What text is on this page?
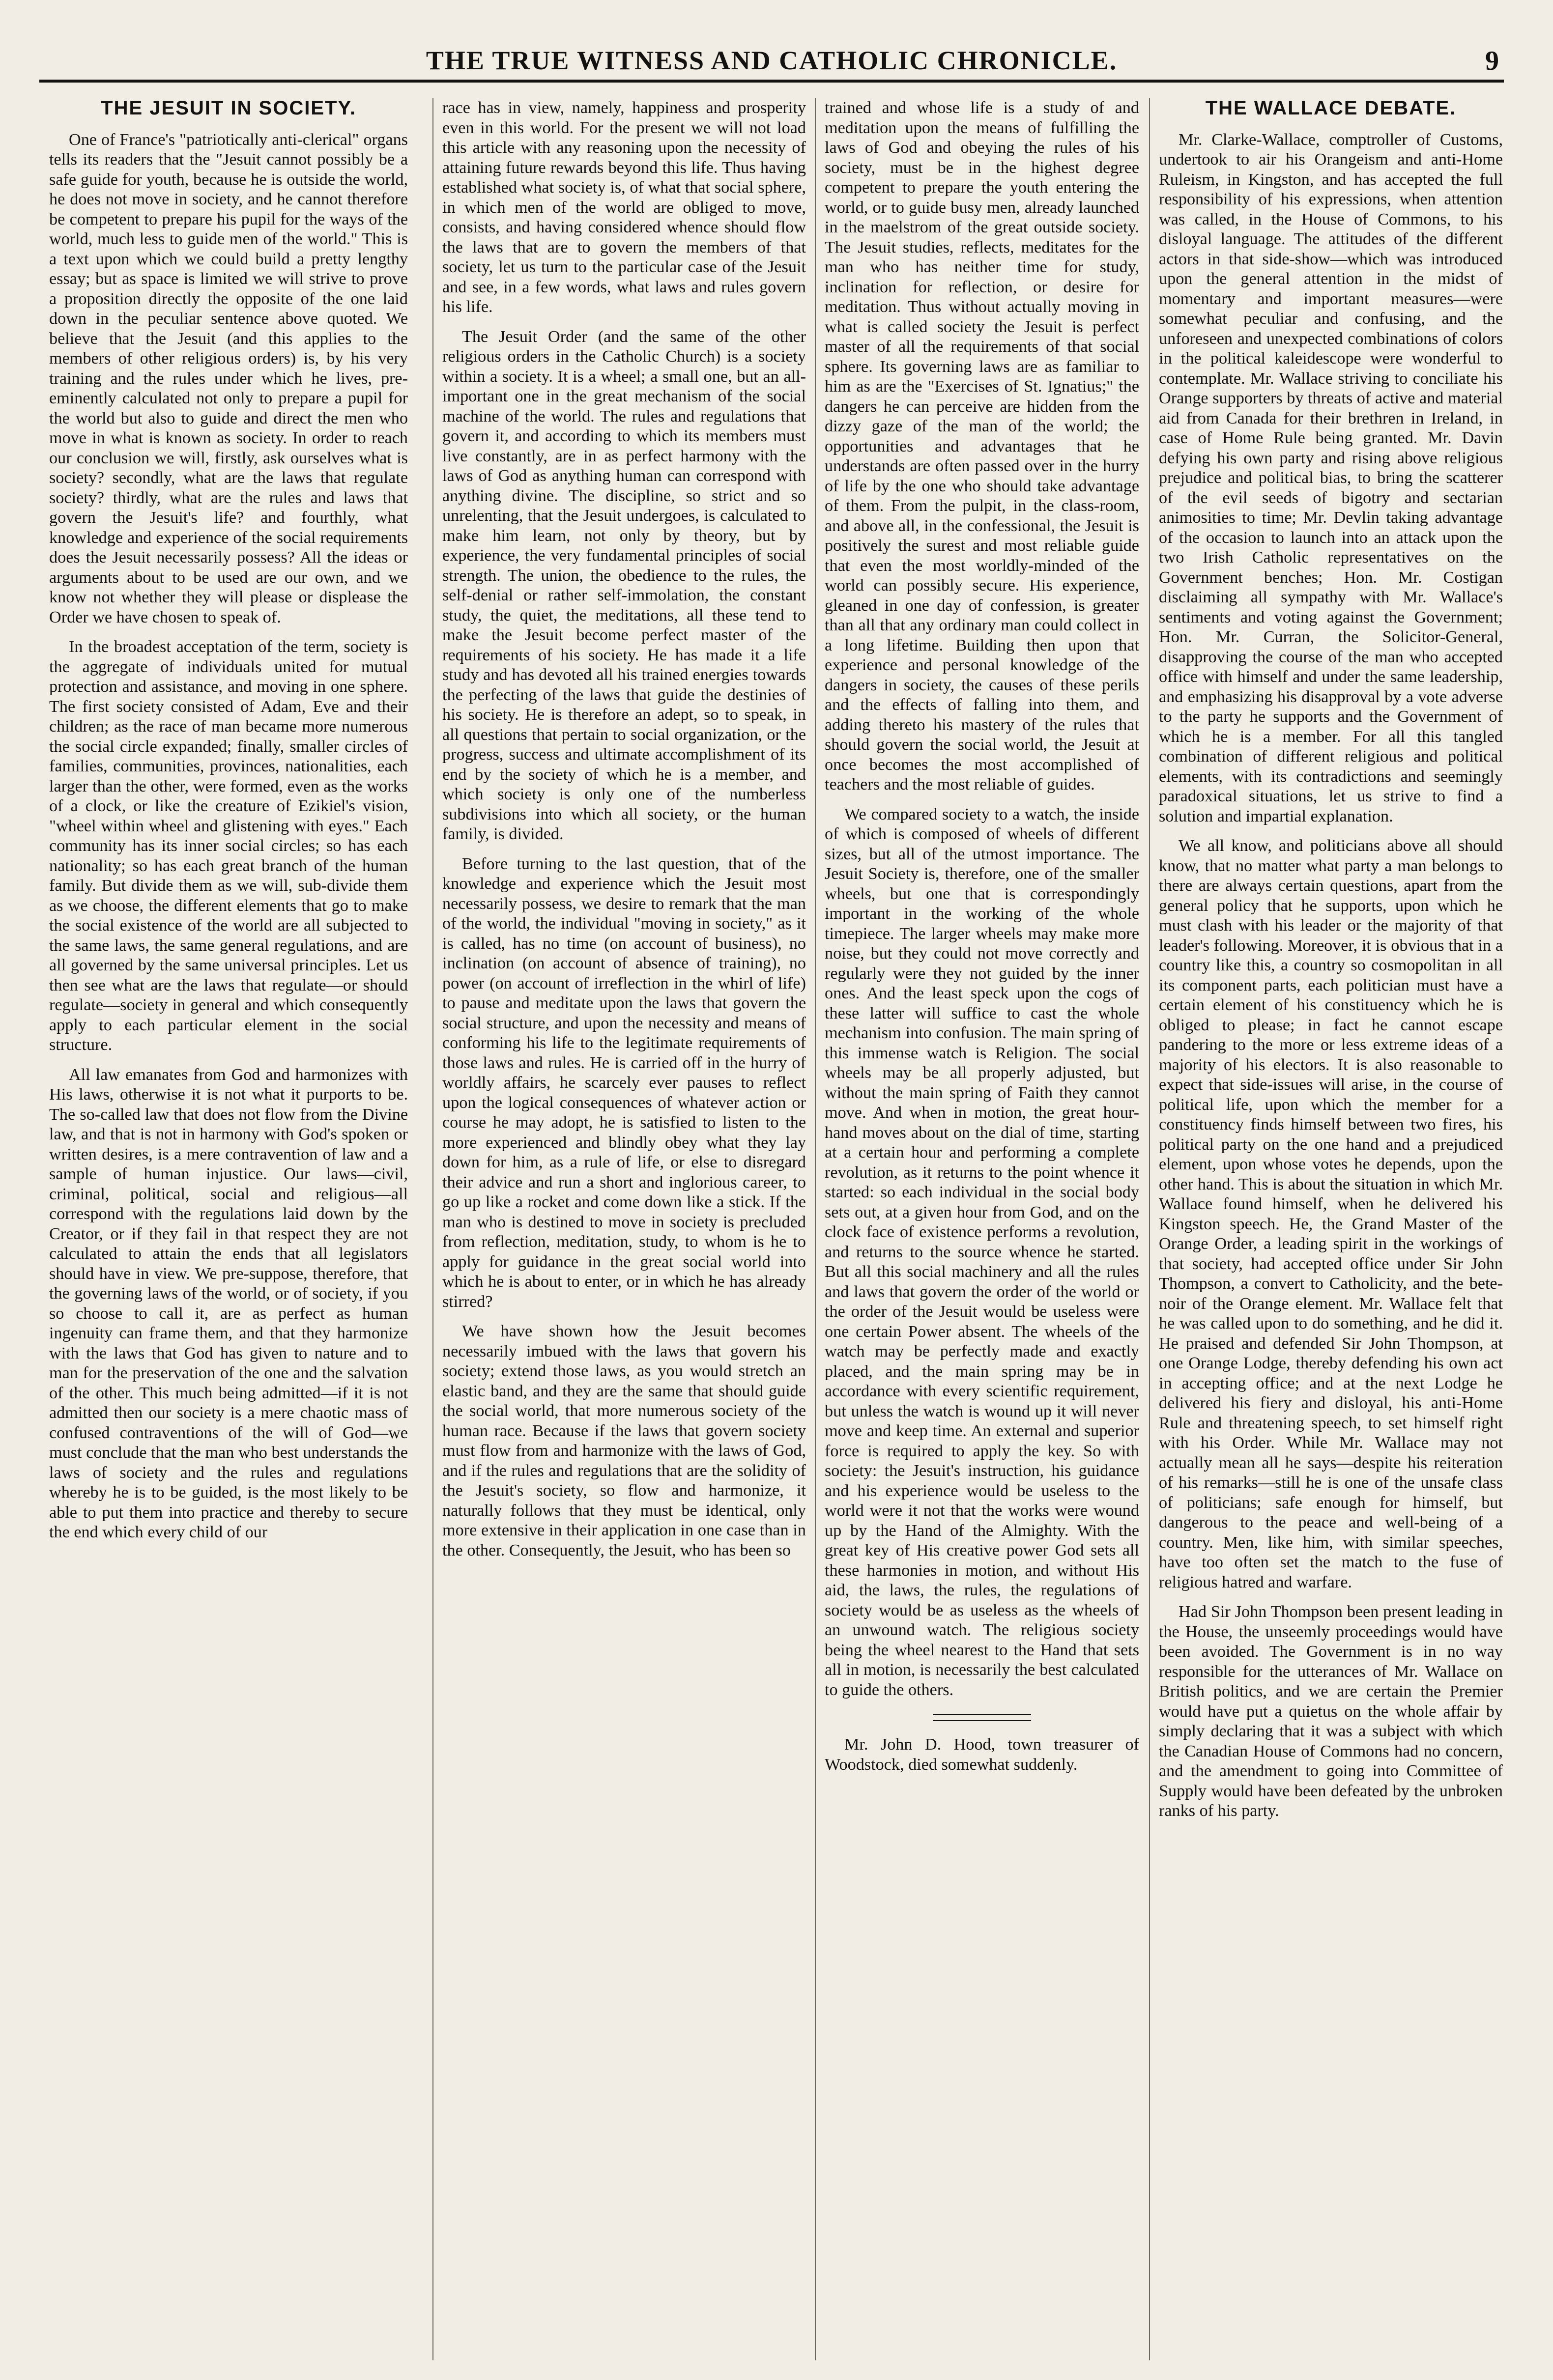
THE TRUE WITNESS AND CATHOLIC CHRONICLE.	9
THE JESUIT IN SOCIETY.

One of France's "patriotically anti-clerical" organs tells its readers that the "Jesuit cannot possibly be a safe guide for youth, because he is outside the world, he does not move in society, and he cannot therefore be competent to prepare his pupil for the ways of the world, much less to guide men of the world." This is a text upon which we could build a pretty lengthy essay; but as space is limited we will strive to prove a proposition directly the opposite of the one laid down in the peculiar sentence above quoted. We believe that the Jesuit (and this applies to the members of other religious orders) is, by his very training and the rules under which he lives, pre-eminently calculated not only to prepare a pupil for the world but also to guide and direct the men who move in what is known as society. In order to reach our conclusion we will, firstly, ask ourselves what is society? secondly, what are the laws that regulate society? thirdly, what are the rules and laws that govern the Jesuit's life? and fourthly, what knowledge and experience of the social requirements does the Jesuit necessarily possess? All the ideas or arguments about to be used are our own, and we know not whether they will please or displease the Order we have chosen to speak of.

In the broadest acceptation of the term, society is the aggregate of individuals united for mutual protection and assistance, and moving in one sphere. The first society consisted of Adam, Eve and their children; as the race of man became more numerous the social circle expanded; finally, smaller circles of families, communities, provinces, nationalities, each larger than the other, were formed, even as the works of a clock, or like the creature of Ezikiel's vision, "wheel within wheel and glistening with eyes." Each community has its inner social circles; so has each nationality; so has each great branch of the human family. But divide them as we will, sub-divide them as we choose, the different elements that go to make the social existence of the world are all subjected to the same laws, the same general regulations, and are all governed by the same universal principles. Let us then see what are the laws that regulate—or should regulate—society in general and which consequently apply to each particular element in the social structure.

All law emanates from God and harmonizes with His laws, otherwise it is not what it purports to be. The so-called law that does not flow from the Divine law, and that is not in harmony with God's spoken or written desires, is a mere contravention of law and a sample of human injustice. Our laws—civil, criminal, political, social and religious—all correspond with the regulations laid down by the Creator, or if they fail in that respect they are not calculated to attain the ends that all legislators should have in view. We pre-suppose, therefore, that the governing laws of the world, or of society, if you so choose to call it, are as perfect as human ingenuity can frame them, and that they harmonize with the laws that God has given to nature and to man for the preservation of the one and the salvation of the other. This much being admitted—if it is not admitted then our society is a mere chaotic mass of confused contraventions of the will of God—we must conclude that the man who best understands the laws of society and the rules and regulations whereby he is to be guided, is the most likely to be able to put them into practice and thereby to secure the end which every child of our

race has in view, namely, happiness and prosperity even in this world. For the present we will not load this article with any reasoning upon the necessity of attaining future rewards beyond this life. Thus having established what society is, of what that social sphere, in which men of the world are obliged to move, consists, and having considered whence should flow the laws that are to govern the members of that society, let us turn to the particular case of the Jesuit and see, in a few words, what laws and rules govern his life.

The Jesuit Order (and the same of the other religious orders in the Catholic Church) is a society within a society. It is a wheel; a small one, but an all-important one in the great mechanism of the social machine of the world. The rules and regulations that govern it, and according to which its members must live constantly, are in as perfect harmony with the laws of God as anything human can correspond with anything divine. The discipline, so strict and so unrelenting, that the Jesuit undergoes, is calculated to make him learn, not only by theory, but by experience, the very fundamental principles of social strength. The union, the obedience to the rules, the self-denial or rather self-immolation, the constant study, the quiet, the meditations, all these tend to make the Jesuit become perfect master of the requirements of his society. He has made it a life study and has devoted all his trained energies towards the perfecting of the laws that guide the destinies of his society. He is therefore an adept, so to speak, in all questions that pertain to social organization, or the progress, success and ultimate accomplishment of its end by the society of which he is a member, and which society is only one of the numberless subdivisions into which all society, or the human family, is divided.

Before turning to the last question, that of the knowledge and experience which the Jesuit most necessarily possess, we desire to remark that the man of the world, the individual "moving in society," as it is called, has no time (on account of business), no inclination (on account of absence of training), no power (on account of irreflection in the whirl of life) to pause and meditate upon the laws that govern the social structure, and upon the necessity and means of conforming his life to the legitimate requirements of those laws and rules. He is carried off in the hurry of worldly affairs, he scarcely ever pauses to reflect upon the logical consequences of whatever action or course he may adopt, he is satisfied to listen to the more experienced and blindly obey what they lay down for him, as a rule of life, or else to disregard their advice and run a short and inglorious career, to go up like a rocket and come down like a stick. If the man who is destined to move in society is precluded from reflection, meditation, study, to whom is he to apply for guidance in the great social world into which he is about to enter, or in which he has already stirred?

We have shown how the Jesuit becomes necessarily imbued with the laws that govern his society; extend those laws, as you would stretch an elastic band, and they are the same that should guide the social world, that more numerous society of the human race. Because if the laws that govern society must flow from and harmonize with the laws of God, and if the rules and regulations that are the solidity of the Jesuit's society, so flow and harmonize, it naturally follows that they must be identical, only more extensive in their application in one case than in the other. Consequently, the Jesuit, who has been so

trained and whose life is a study of and meditation upon the means of fulfilling the laws of God and obeying the rules of his society, must be in the highest degree competent to prepare the youth entering the world, or to guide busy men, already launched in the maelstrom of the great outside society. The Jesuit studies, reflects, meditates for the man who has neither time for study, inclination for reflection, or desire for meditation. Thus without actually moving in what is called society the Jesuit is perfect master of all the requirements of that social sphere. Its governing laws are as familiar to him as are the "Exercises of St. Ignatius;" the dangers he can perceive are hidden from the dizzy gaze of the man of the world; the opportunities and advantages that he understands are often passed over in the hurry of life by the one who should take advantage of them. From the pulpit, in the class-room, and above all, in the confessional, the Jesuit is positively the surest and most reliable guide that even the most worldly-minded of the world can possibly secure. His experience, gleaned in one day of confession, is greater than all that any ordinary man could collect in a long lifetime. Building then upon that experience and personal knowledge of the dangers in society, the causes of these perils and the effects of falling into them, and adding thereto his mastery of the rules that should govern the social world, the Jesuit at once becomes the most accomplished of teachers and the most reliable of guides.

We compared society to a watch, the inside of which is composed of wheels of different sizes, but all of the utmost importance. The Jesuit Society is, therefore, one of the smaller wheels, but one that is correspondingly important in the working of the whole timepiece. The larger wheels may make more noise, but they could not move correctly and regularly were they not guided by the inner ones. And the least speck upon the cogs of these latter will suffice to cast the whole mechanism into confusion. The main spring of this immense watch is Religion. The social wheels may be all properly adjusted, but without the main spring of Faith they cannot move. And when in motion, the great hour-hand moves about on the dial of time, starting at a certain hour and performing a complete revolution, as it returns to the point whence it started: so each individual in the social body sets out, at a given hour from God, and on the clock face of existence performs a revolution, and returns to the source whence he started. But all this social machinery and all the rules and laws that govern the order of the world or the order of the Jesuit would be useless were one certain Power absent. The wheels of the watch may be perfectly made and exactly placed, and the main spring may be in accordance with every scientific requirement, but unless the watch is wound up it will never move and keep time. An external and superior force is required to apply the key. So with society: the Jesuit's instruction, his guidance and his experience would be useless to the world were it not that the works were wound up by the Hand of the Almighty. With the great key of His creative power God sets all these harmonies in motion, and without His aid, the laws, the rules, the regulations of society would be as useless as the wheels of an unwound watch. The religious society being the wheel nearest to the Hand that sets all in motion, is necessarily the best calculated to guide the others.

Mr. John D. Hood, town treasurer of Woodstock, died somewhat suddenly.

THE WALLACE DEBATE.

Mr. Clarke-Wallace, comptroller of Customs, undertook to air his Orangeism and anti-Home Ruleism, in Kingston, and has accepted the full responsibility of his expressions, when attention was called, in the House of Commons, to his disloyal language. The attitudes of the different actors in that side-show—which was introduced upon the general attention in the midst of momentary and important measures—were somewhat peculiar and confusing, and the unforeseen and unexpected combinations of colors in the political kaleidescope were wonderful to contemplate. Mr. Wallace striving to conciliate his Orange supporters by threats of active and material aid from Canada for their brethren in Ireland, in case of Home Rule being granted. Mr. Davin defying his own party and rising above religious prejudice and political bias, to bring the scatterer of the evil seeds of bigotry and sectarian animosities to time; Mr. Devlin taking advantage of the occasion to launch into an attack upon the two Irish Catholic representatives on the Government benches; Hon. Mr. Costigan disclaiming all sympathy with Mr. Wallace's sentiments and voting against the Government; Hon. Mr. Curran, the Solicitor-General, disapproving the course of the man who accepted office with himself and under the same leadership, and emphasizing his disapproval by a vote adverse to the party he supports and the Government of which he is a member. For all this tangled combination of different religious and political elements, with its contradictions and seemingly paradoxical situations, let us strive to find a solution and impartial explanation.

We all know, and politicians above all should know, that no matter what party a man belongs to there are always certain questions, apart from the general policy that he supports, upon which he must clash with his leader or the majority of that leader's following. Moreover, it is obvious that in a country like this, a country so cosmopolitan in all its component parts, each politician must have a certain element of his constituency which he is obliged to please; in fact he cannot escape pandering to the more or less extreme ideas of a majority of his electors. It is also reasonable to expect that side-issues will arise, in the course of political life, upon which the member for a constituency finds himself between two fires, his political party on the one hand and a prejudiced element, upon whose votes he depends, upon the other hand. This is about the situation in which Mr. Wallace found himself, when he delivered his Kingston speech. He, the Grand Master of the Orange Order, a leading spirit in the workings of that society, had accepted office under Sir John Thompson, a convert to Catholicity, and the bete-noir of the Orange element. Mr. Wallace felt that he was called upon to do something, and he did it. He praised and defended Sir John Thompson, at one Orange Lodge, thereby defending his own act in accepting office; and at the next Lodge he delivered his fiery and disloyal, his anti-Home Rule and threatening speech, to set himself right with his Order. While Mr. Wallace may not actually mean all he says—despite his reiteration of his remarks—still he is one of the unsafe class of politicians; safe enough for himself, but dangerous to the peace and well-being of a country. Men, like him, with similar speeches, have too often set the match to the fuse of religious hatred and warfare.

Had Sir John Thompson been present leading in the House, the unseemly proceedings would have been avoided. The Government is in no way responsible for the utterances of Mr. Wallace on British politics, and we are certain the Premier would have put a quietus on the whole affair by simply declaring that it was a subject with which the Canadian House of Commons had no concern, and the amendment to going into Committee of Supply would have been defeated by the unbroken ranks of his party.
